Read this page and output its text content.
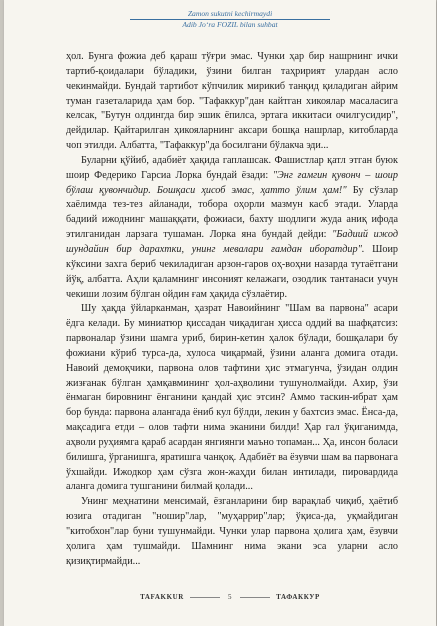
Zamon sukutni kechirmaydi
Adib Jo‘ra FOZIL bilan suhbat

ҳол. Бунга фожиа деб қараш тўғри эмас. Чунки ҳар бир нашрнинг ички тартиб-қоидалари бўладики, ўзини билган таҳририят улардан асло чекинмайди. Бундай тартибот кўпчилик мирикиб танқид қиладиган айрим туман газеталарида ҳам бор. "Тафаккур"дан кайтган хикоялар масаласига келсак, "Бутун олдингда бир эшик ёпилса, эртага иккитаси очилгусидир", дейдилар. Қайтарилган ҳикояларнинг аксари бошқа нашрлар, китобларда чоп этилди. Албатта, "Тафаккур"да босилгани бўлакча эди...

Буларни қўйиб, адабиёт ҳақида гаплашсак. Фашистлар қатл этган буюк шоир Федерико Гарсиа Лорка бундай ёзади: "Энг ғамгин қувонч – шоир бўлаш қувончидир. Бошқаси ҳисоб эмас, ҳатто ўлим ҳам!" Бу сўзлар хаёлимда тез-тез айланади, тоборa оҳорли мазмун касб этади. Уларда бадиий ижоднинг машаққати, фожиаси, бахту шодлиги жуда аниқ ифода этилганидан ларзага тушаман. Лорка яна бундай дейди: "Бадиий ижод шундайин бир дарахтки, унинг мевалари ғамдан иборатдир". Шоир кўксини захга бериб чекиладиган арзон-гаров оҳ-воҳни назарда тутаётгани йўқ, албатта. Аҳли қаламнинг инсоният келажаги, озодлик тантанаси учун чекиши лозим бўлган ойдин ғам ҳақида сўзлаётир.

Шу ҳақда ўйларканман, ҳазрат Навоийнинг "Шам ва парвона" асари ёдга келади. Бу миниатюр қиссадан чиқадиган ҳисса оддий ва шафқатсиз: парвоналар ўзини шамга уриб, бирин-кетин ҳалок бўлади, бошқалари бу фожиани кўриб турса-да, хулоса чиқармай, ўзини аланга домига отади. Навоий демоқчики, парвона олов тафтини ҳис этмагунча, ўзидан олдин жизғанак бўлган ҳамқавмининг ҳол-аҳволини тушунолмайди. Ахир, ўзи ёнмаган бировнинг ёнганини қандай ҳис этсин? Аммо таскин-ибрат ҳам бор бунда: парвона алангада ёниб кул бўлди, лекин у бахтсиз эмас. Ёнса-да, мақсадига етди – олов тафти нима эканини билди! Ҳар гал ўқиганимда, аҳволи руҳиямга қараб асардан янгиянги маъно топаман... Ҳа, инсон боласи билишга, ўрганишга, яратишга чанқоқ. Адабиёт ва ёзувчи шам ва парвонага ўхшайди. Ижодкор ҳам сўзга жон-жаҳди билан интилади, пировардида алангa домига тушганини билмай қолади...

Унинг меҳнатини менсимай, ёзганларини бир варақлаб чиқиб, ҳаётиб юзига отадиган "ношир"лар, "муҳаррир"лар; ўқиса-да, уқмайдиган "китобхон"лар буни тушунмайди. Чунки улар парвона ҳолига ҳам, ёзувчи ҳолига ҳам тушмайди. Шамнинг нима экани эса уларни асло қизиқтирмайди...

TAFAKKUR	5	ТАФАККУР
